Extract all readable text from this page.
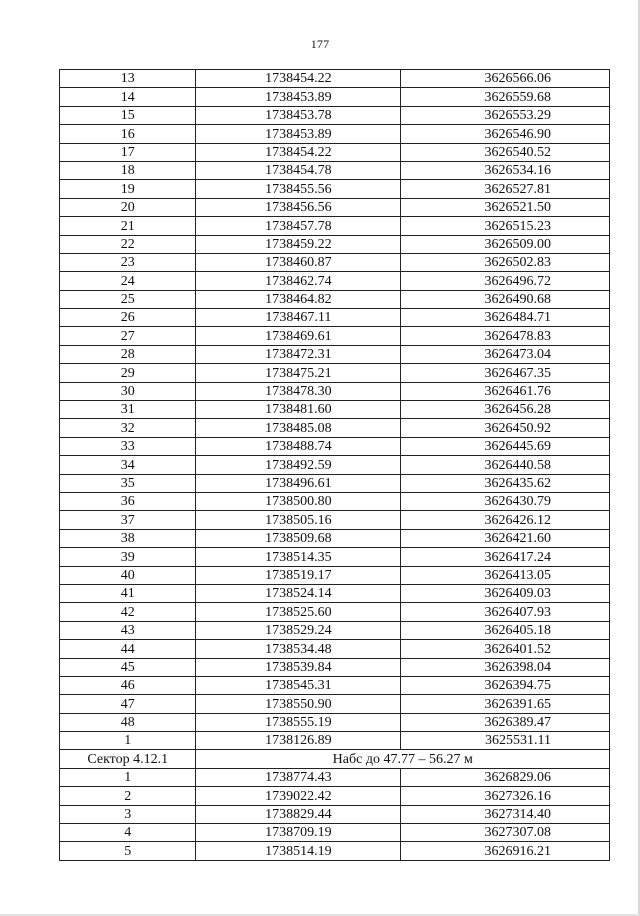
177
13	1738454.22	3626566.06
14	1738453.89	3626559.68
15	1738453.78	3626553.29
16	1738453.89	3626546.90
17	1738454.22	3626540.52
18	1738454.78	3626534.16
19	1738455.56	3626527.81
20	1738456.56	3626521.50
21	1738457.78	3626515.23
22	1738459.22	3626509.00
23	1738460.87	3626502.83
24	1738462.74	3626496.72
25	1738464.82	3626490.68
26	1738467.11	3626484.71
27	1738469.61	3626478.83
28	1738472.31	3626473.04
29	1738475.21	3626467.35
30	1738478.30	3626461.76
31	1738481.60	3626456.28
32	1738485.08	3626450.92
33	1738488.74	3626445.69
34	1738492.59	3626440.58
35	1738496.61	3626435.62
36	1738500.80	3626430.79
37	1738505.16	3626426.12
38	1738509.68	3626421.60
39	1738514.35	3626417.24
40	1738519.17	3626413.05
41	1738524.14	3626409.03
42	1738525.60	3626407.93
43	1738529.24	3626405.18
44	1738534.48	3626401.52
45	1738539.84	3626398.04
46	1738545.31	3626394.75
47	1738550.90	3626391.65
48	1738555.19	3626389.47
1	1738126.89	3625531.11
Сектор 4.12.1	Набс до 47.77 – 56.27 м	
1	1738774.43	3626829.06
2	1739022.42	3627326.16
3	1738829.44	3627314.40
4	1738709.19	3627307.08
5	1738514.19	3626916.21
